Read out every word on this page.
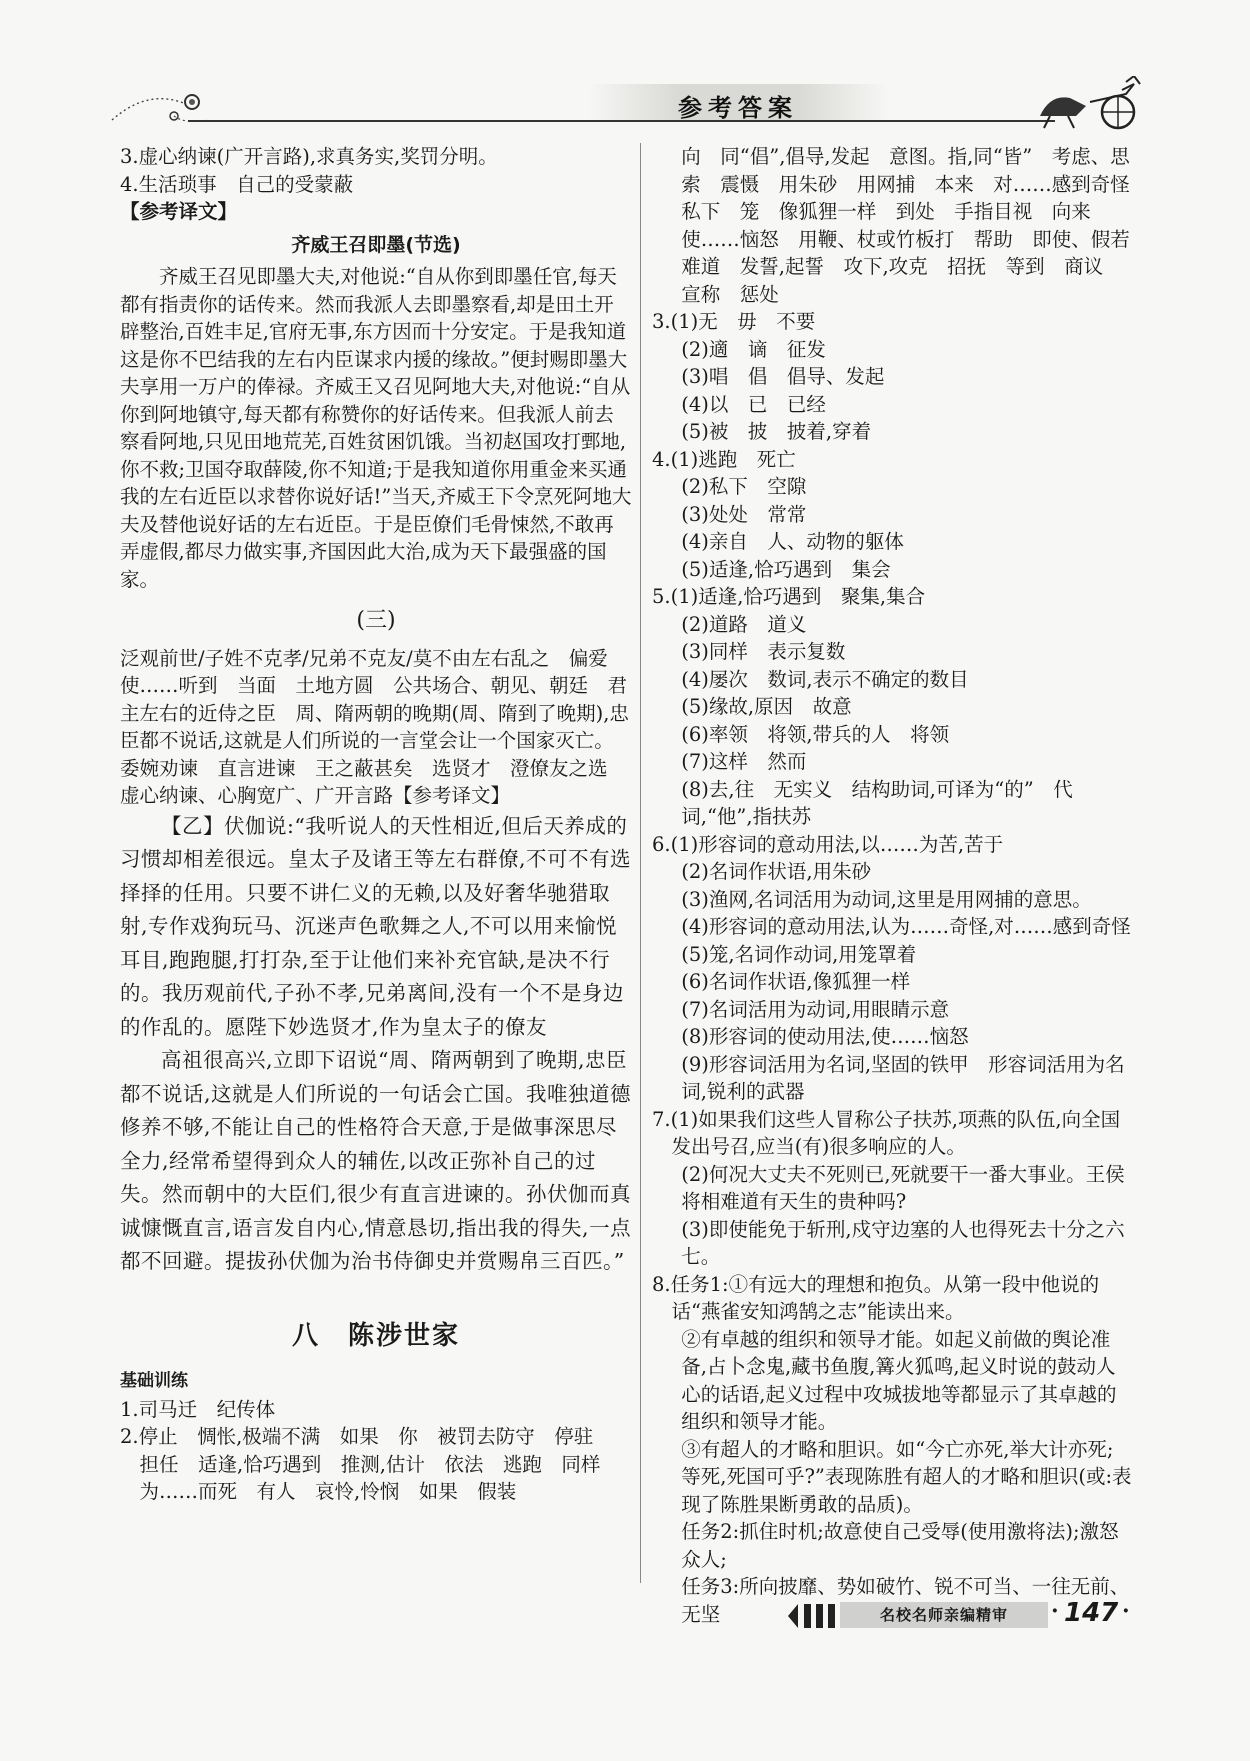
参考答案

3.虚心纳谏(广开言路),求真务实,奖罚分明。

4.生活琐事　自己的受蒙蔽

【参考译文】

齐威王召即墨(节选)

齐威王召见即墨大夫,对他说:“自从你到即墨任官,每天都有指责你的话传来。然而我派人去即墨察看,却是田土开辟整治,百姓丰足,官府无事,东方因而十分安定。于是我知道这是你不巴结我的左右内臣谋求内援的缘故。”便封赐即墨大夫享用一万户的俸禄。齐威王又召见阿地大夫,对他说:“自从你到阿地镇守,每天都有称赞你的好话传来。但我派人前去察看阿地,只见田地荒芜,百姓贫困饥饿。当初赵国攻打鄄地,你不救;卫国夺取薛陵,你不知道;于是我知道你用重金来买通我的左右近臣以求替你说好话!”当天,齐威王下令烹死阿地大夫及替他说好话的左右近臣。于是臣僚们毛骨悚然,不敢再弄虚假,都尽力做实事,齐国因此大治,成为天下最强盛的国家。

(三)

泛观前世/子姓不克孝/兄弟不克友/莫不由左右乱之　偏爱　使……听到　当面　土地方圆　公共场合、朝见、朝廷　君主左右的近侍之臣　周、隋两朝的晚期(周、隋到了晚期),忠臣都不说话,这就是人们所说的一言堂会让一个国家灭亡。　委婉劝谏　直言进谏　王之蔽甚矣　选贤才　澄僚友之选　虚心纳谏、心胸宽广、广开言路【参考译文】

【乙】伏伽说:“我听说人的天性相近,但后天养成的习惯却相差很远。皇太子及诸王等左右群僚,不可不有选择择的任用。只要不讲仁义的无赖,以及好奢华驰猎取射,专作戏狗玩马、沉迷声色歌舞之人,不可以用来愉悦耳目,跑跑腿,打打杂,至于让他们来补充官缺,是决不行的。我历观前代,子孙不孝,兄弟离间,没有一个不是身边的作乱的。愿陛下妙选贤才,作为皇太子的僚友

高祖很高兴,立即下诏说“周、隋两朝到了晚期,忠臣都不说话,这就是人们所说的一句话会亡国。我唯独道德修养不够,不能让自己的性格符合天意,于是做事深思尽全力,经常希望得到众人的辅佐,以改正弥补自己的过失。然而朝中的大臣们,很少有直言进谏的。孙伏伽而真诚慷慨直言,语言发自内心,情意恳切,指出我的得失,一点都不回避。提拔孙伏伽为治书侍御史并赏赐帛三百匹。”

八　陈涉世家

基础训练

1.司马迁　纪传体

2.停止　惆怅,极端不满　如果　你　被罚去防守　停驻　担任　适逢,恰巧遇到　推测,估计　依法　逃跑　同样　为……而死　有人　哀怜,怜悯　如果　假装

向　同“倡”,倡导,发起　意图。指,同“皆”　考虑、思索　震慑　用朱砂　用网捕　本来　对……感到奇怪　私下　笼　像狐狸一样　到处　手指目视　向来　使……恼怒　用鞭、杖或竹板打　帮助　即使、假若　难道　发誓,起誓　攻下,攻克　招抚　等到　商议　宣称　惩处

3.(1)无　毋　不要

(2)適　谪　征发

(3)唱　倡　倡导、发起

(4)以　已　已经

(5)被　披　披着,穿着

4.(1)逃跑　死亡

(2)私下　空隙

(3)处处　常常

(4)亲自　人、动物的躯体

(5)适逢,恰巧遇到　集会

5.(1)适逢,恰巧遇到　聚集,集合

(2)道路　道义

(3)同样　表示复数

(4)屡次　数词,表示不确定的数目

(5)缘故,原因　故意

(6)率领　将领,带兵的人　将领

(7)这样　然而

(8)去,往　无实义　结构助词,可译为“的”　代词,“他”,指扶苏

6.(1)形容词的意动用法,以……为苦,苦于

(2)名词作状语,用朱砂

(3)渔网,名词活用为动词,这里是用网捕的意思。

(4)形容词的意动用法,认为……奇怪,对……感到奇怪

(5)笼,名词作动词,用笼罩着

(6)名词作状语,像狐狸一样

(7)名词活用为动词,用眼睛示意

(8)形容词的使动用法,使……恼怒

(9)形容词活用为名词,坚固的铁甲　形容词活用为名词,锐利的武器

7.(1)如果我们这些人冒称公子扶苏,项燕的队伍,向全国发出号召,应当(有)很多响应的人。

(2)何况大丈夫不死则已,死就要干一番大事业。王侯将相难道有天生的贵种吗?

(3)即使能免于斩刑,戍守边塞的人也得死去十分之六七。

8.任务1:①有远大的理想和抱负。从第一段中他说的话“燕雀安知鸿鹄之志”能读出来。

②有卓越的组织和领导才能。如起义前做的舆论准备,占卜念鬼,藏书鱼腹,篝火狐鸣,起义时说的鼓动人心的话语,起义过程中攻城拔地等都显示了其卓越的组织和领导才能。

③有超人的才略和胆识。如“今亡亦死,举大计亦死;等死,死国可乎?”表现陈胜有超人的才略和胆识(或:表现了陈胜果断勇敢的品质)。

任务2:抓住时机;故意使自己受辱(使用激将法);激怒众人;

任务3:所向披靡、势如破竹、锐不可当、一往无前、无坚	名校名师亲编精审	· 147 ·
